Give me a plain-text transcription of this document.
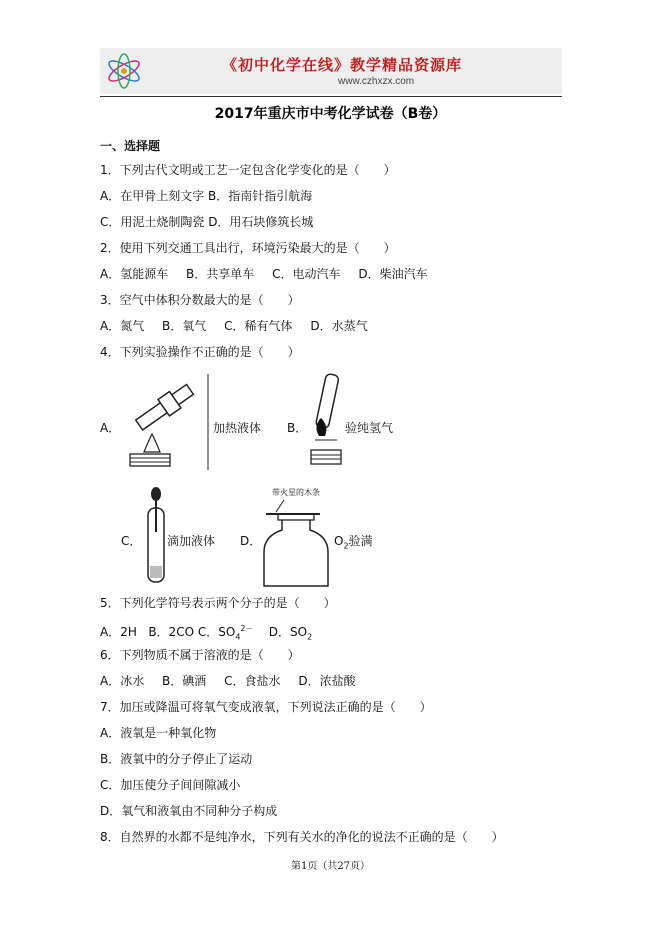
《初中化学在线》教学精品资源库
www.czhxzx.com
2017年重庆市中考化学试卷（B卷）
一、选择题
1．下列古代文明或工艺一定包含化学变化的是（　　）
A．在甲骨上刻文字 B．指南针指引航海
C．用泥土烧制陶瓷 D．用石块修筑长城
2．使用下列交通工具出行，环境污染最大的是（　　）
A．氢能源车 B．共享单车 C．电动汽车 D．柴油汽车
3．空气中体积分数最大的是（　　）
A．氮气 B．氧气 C．稀有气体 D．水蒸气
4．下列实验操作不正确的是（　　）
A．	加热液体 B．	验纯氢气
C． 滴加液体 D．
带火星的木条
$O_2$验满
5．下列化学符号表示两个分子的是（　　）
A．2H B．2CO C．$SO_4^{2-}$ D．$SO_2$
6．下列物质不属于溶液的是（　　）
A．冰水 B．碘酒 C．食盐水 D．浓盐酸
7．加压或降温可将氧气变成液氧，下列说法正确的是（　　）
A．液氧是一种氧化物
B．液氧中的分子停止了运动
C．加压使分子间间隙减小
D．氧气和液氧由不同种分子构成
8．自然界的水都不是纯净水，下列有关水的净化的说法不正确的是（　　）
第1页（共27页）
